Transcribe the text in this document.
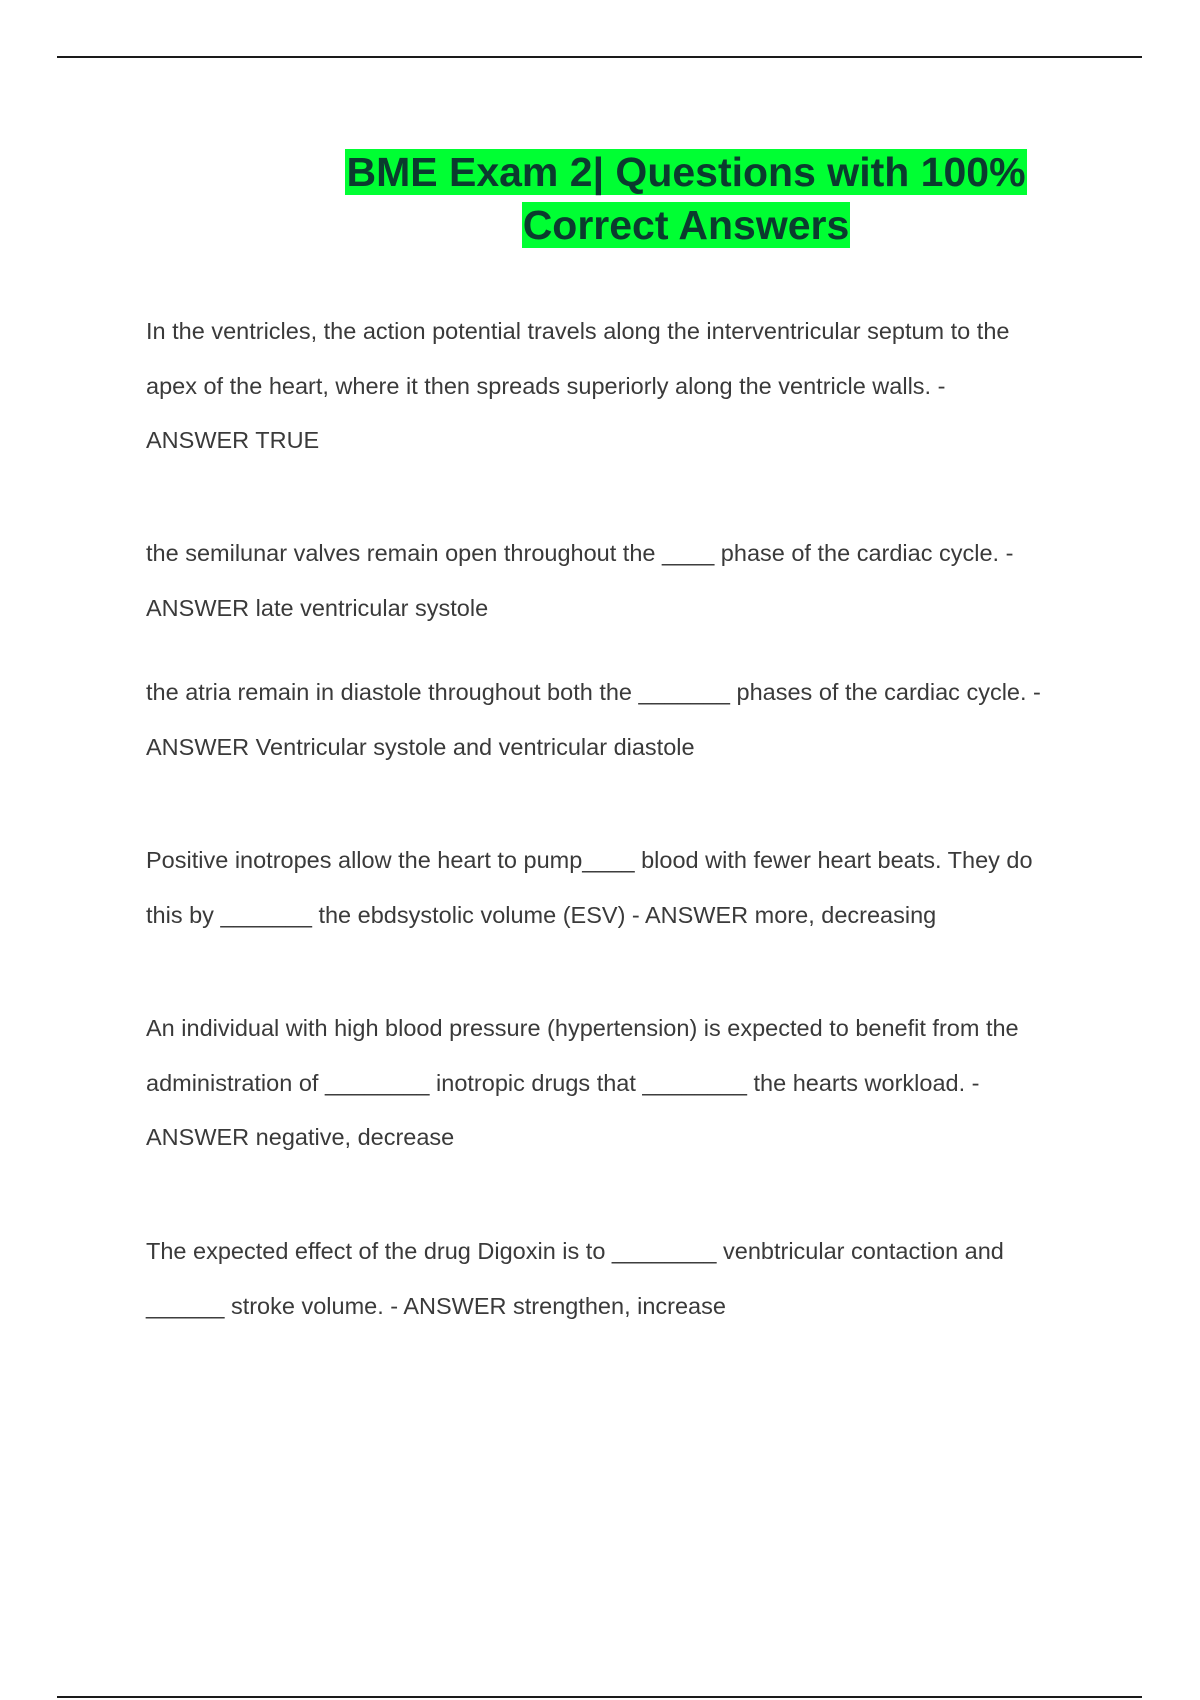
BME Exam 2| Questions with 100%
Correct Answers

In the ventricles, the action potential travels along the interventricular septum to the
apex of the heart, where it then spreads superiorly along the ventricle walls. -
ANSWER TRUE

the semilunar valves remain open throughout the ____ phase of the cardiac cycle. -
ANSWER late ventricular systole

the atria remain in diastole throughout both the _______ phases of the cardiac cycle. -
ANSWER Ventricular systole and ventricular diastole

Positive inotropes allow the heart to pump____ blood with fewer heart beats. They do
this by _______ the ebdsystolic volume (ESV) - ANSWER more, decreasing

An individual with high blood pressure (hypertension) is expected to benefit from the
administration of ________ inotropic drugs that ________ the hearts workload. -
ANSWER negative, decrease

The expected effect of the drug Digoxin is to ________ venbtricular contaction and
______ stroke volume. - ANSWER strengthen, increase
